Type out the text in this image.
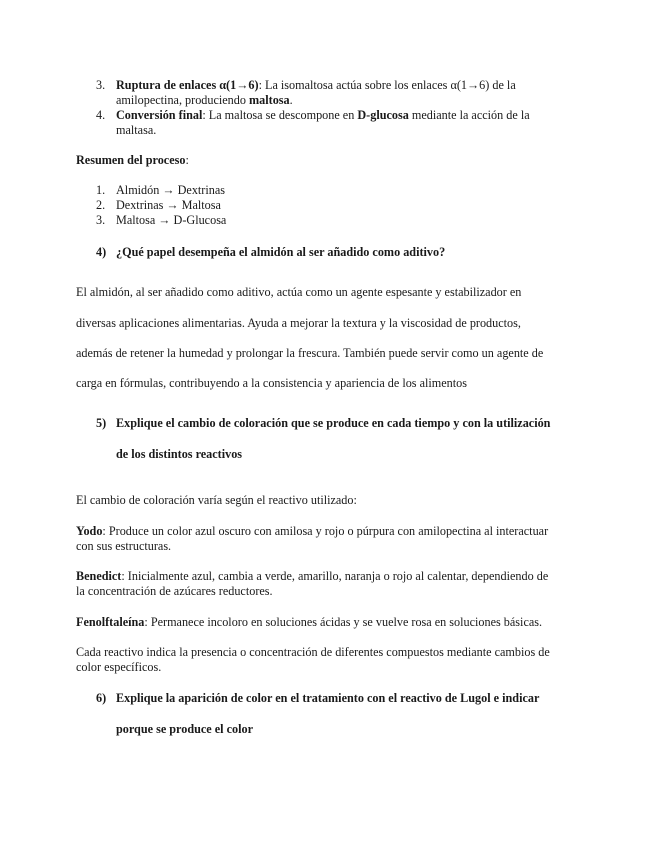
3. Ruptura de enlaces α(1→6): La isomaltosa actúa sobre los enlaces α(1→6) de la
amilopectina, produciendo maltosa.
4. Conversión final: La maltosa se descompone en D-glucosa mediante la acción de la
maltasa.
Resumen del proceso:
1. Almidón → Dextrinas
2. Dextrinas → Maltosa
3. Maltosa → D-Glucosa
4) ¿Qué papel desempeña el almidón al ser añadido como aditivo?
El almidón, al ser añadido como aditivo, actúa como un agente espesante y estabilizador en
diversas aplicaciones alimentarias. Ayuda a mejorar la textura y la viscosidad de productos,
además de retener la humedad y prolongar la frescura. También puede servir como un agente de
carga en fórmulas, contribuyendo a la consistencia y apariencia de los alimentos
5) Explique el cambio de coloración que se produce en cada tiempo y con la utilización
de los distintos reactivos
El cambio de coloración varía según el reactivo utilizado:
Yodo: Produce un color azul oscuro con amilosa y rojo o púrpura con amilopectina al interactuar
con sus estructuras.
Benedict: Inicialmente azul, cambia a verde, amarillo, naranja o rojo al calentar, dependiendo de
la concentración de azúcares reductores.
Fenolftaleína: Permanece incoloro en soluciones ácidas y se vuelve rosa en soluciones básicas.
Cada reactivo indica la presencia o concentración de diferentes compuestos mediante cambios de
color específicos.
6) Explique la aparición de color en el tratamiento con el reactivo de Lugol e indicar
porque se produce el color
